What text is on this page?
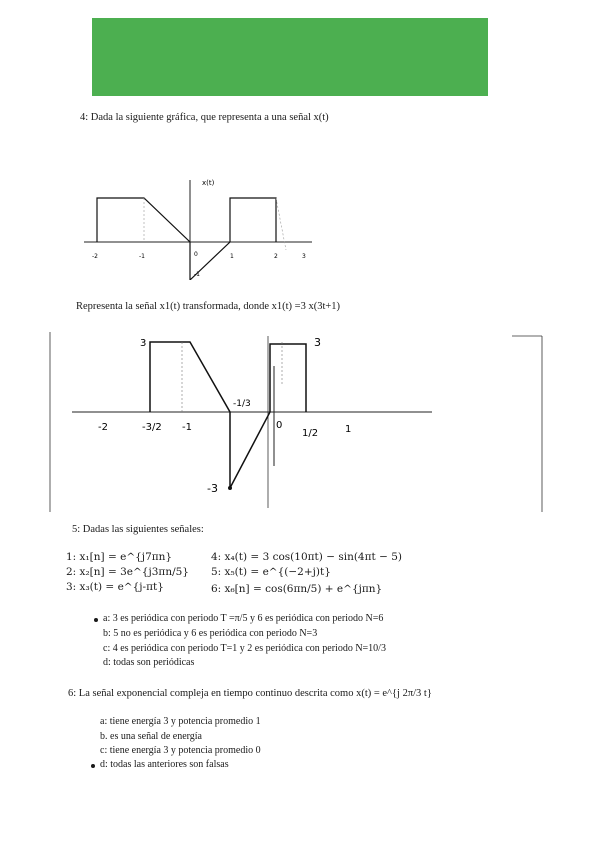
4: Dada la siguiente gráfica, que representa a una señal x(t)
x(t)
-2	-1	0	1	2	3
-1
Representa la señal x1(t) transformada, donde x1(t) =3 x(3t+1)
-2	-3/2 -1	0
1/2	1
3	3
-3
-1/3
5: Dadas las siguientes señales:
1: x₁[n] = e^{j7πn}
2: x₂[n] = 3e^{j3πn/5}
3: x₃(t) = e^{j-πt}
4: x₄(t) = 3 cos(10πt) − sin(4πt − 5)
5: x₅(t) = e^{(−2+j)t}
6: x₆[n] = cos(6πn/5) + e^{jπn}
a: 3 es periódica con periodo T =π/5 y 6 es periódica con periodo N=6
b: 5 no es periódica y 6 es periódica con periodo N=3
c: 4 es periódica con periodo T=1 y 2 es periódica con periodo N=10/3
d: todas son periódicas
6: La señal exponencial compleja en tiempo continuo descrita como x(t) = e^{j 2π/3 t}
a: tiene energía 3 y potencia promedio 1
b. es una señal de energía
c: tiene energía 3 y potencia promedio 0
d: todas las anteriores son falsas
